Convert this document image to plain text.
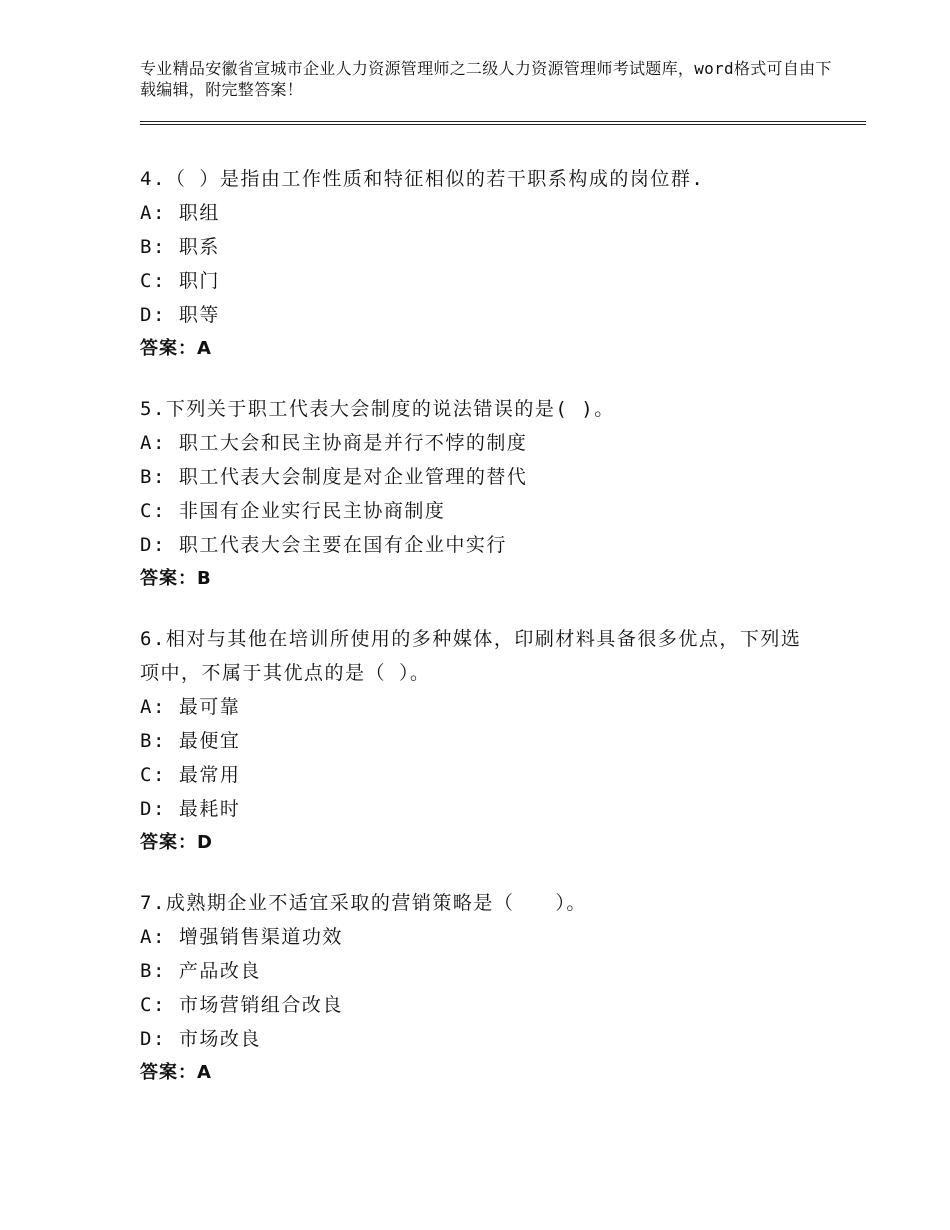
专业精品安徽省宣城市企业人力资源管理师之二级人力资源管理师考试题库，word格式可自由下载编辑，附完整答案！
4.（ ）是指由工作性质和特征相似的若干职系构成的岗位群.
A: 职组
B: 职系
C: 职门
D: 职等
答案：A
5.下列关于职工代表大会制度的说法错误的是( )。
A: 职工大会和民主协商是并行不悖的制度
B: 职工代表大会制度是对企业管理的替代
C: 非国有企业实行民主协商制度
D: 职工代表大会主要在国有企业中实行
答案：B
6.相对与其他在培训所使用的多种媒体，印刷材料具备很多优点，下列选项中，不属于其优点的是（ ）。
A: 最可靠
B: 最便宜
C: 最常用
D: 最耗时
答案：D
7.成熟期企业不适宜采取的营销策略是（　　）。
A: 增强销售渠道功效
B: 产品改良
C: 市场营销组合改良
D: 市场改良
答案：A
